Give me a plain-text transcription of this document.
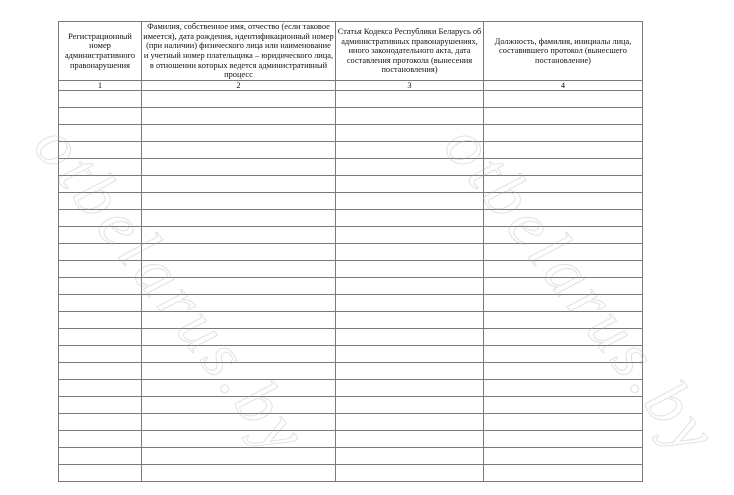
Регистрационный номер административного правонарушения	Фамилия, собственное имя, отчество (если таковое имеется), дата рождения, идентификационный номер (при наличии) физического лица или наименование и учетный номер плательщика – юридического лица, в отношении которых ведется административный процесс	Статья Кодекса Республики Беларусь об административных правонарушениях, иного законодательного акта, дата составления протокола (вынесения постановления)	Должность, фамилия, инициалы лица, составившего протокол (вынесшего постановление)

1	2	3	4

otbelarus.by otbelarus.by
